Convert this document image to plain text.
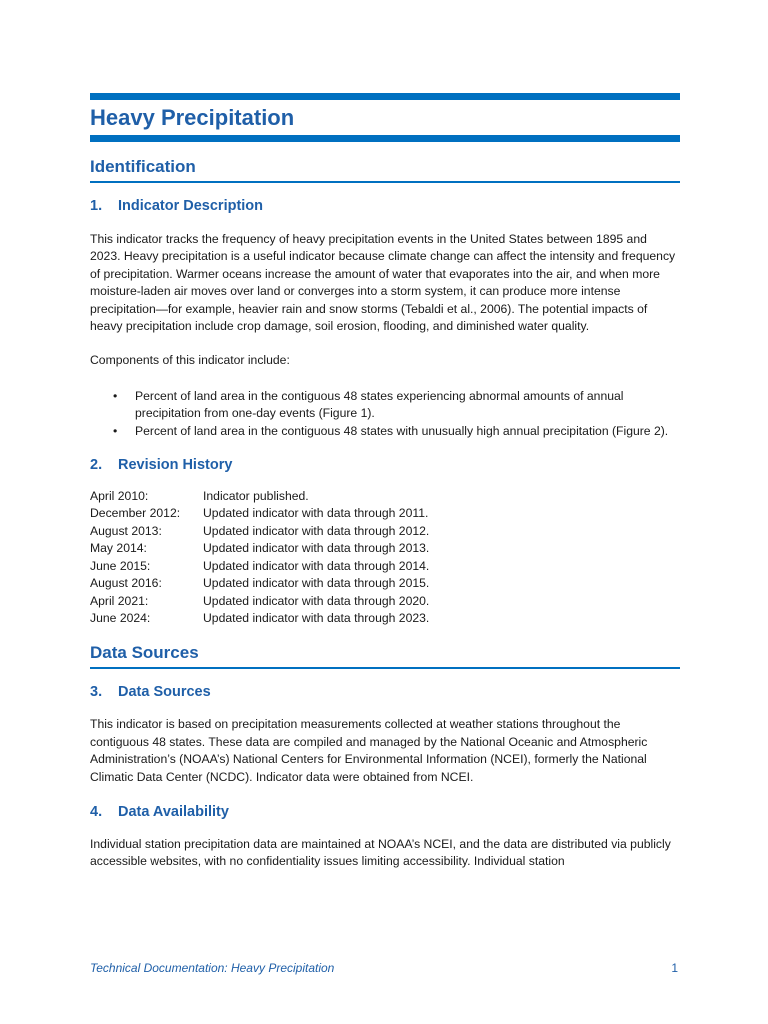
Heavy Precipitation
Identification
1.	Indicator Description

This indicator tracks the frequency of heavy precipitation events in the United States between 1895 and 2023. Heavy precipitation is a useful indicator because climate change can affect the intensity and frequency of precipitation. Warmer oceans increase the amount of water that evaporates into the air, and when more moisture-laden air moves over land or converges into a storm system, it can produce more intense precipitation—for example, heavier rain and snow storms (Tebaldi et al., 2006). The potential impacts of heavy precipitation include crop damage, soil erosion, flooding, and diminished water quality.

Components of this indicator include:

• Percent of land area in the contiguous 48 states experiencing abnormal amounts of annual precipitation from one-day events (Figure 1).
• Percent of land area in the contiguous 48 states with unusually high annual precipitation (Figure 2).
2.	Revision History
April 2010:	Indicator published.
December 2012:	Updated indicator with data through 2011.
August 2013:	Updated indicator with data through 2012.
May 2014:	Updated indicator with data through 2013.
June 2015:	Updated indicator with data through 2014.
August 2016:	Updated indicator with data through 2015.
April 2021:	Updated indicator with data through 2020.
June 2024:	Updated indicator with data through 2023.
Data Sources
3.	Data Sources

This indicator is based on precipitation measurements collected at weather stations throughout the contiguous 48 states. These data are compiled and managed by the National Oceanic and Atmospheric Administration’s (NOAA’s) National Centers for Environmental Information (NCEI), formerly the National Climatic Data Center (NCDC). Indicator data were obtained from NCEI.

4.	Data Availability

Individual station precipitation data are maintained at NOAA’s NCEI, and the data are distributed via publicly accessible websites, with no confidentiality issues limiting accessibility. Individual station

Technical Documentation: Heavy Precipitation	1
